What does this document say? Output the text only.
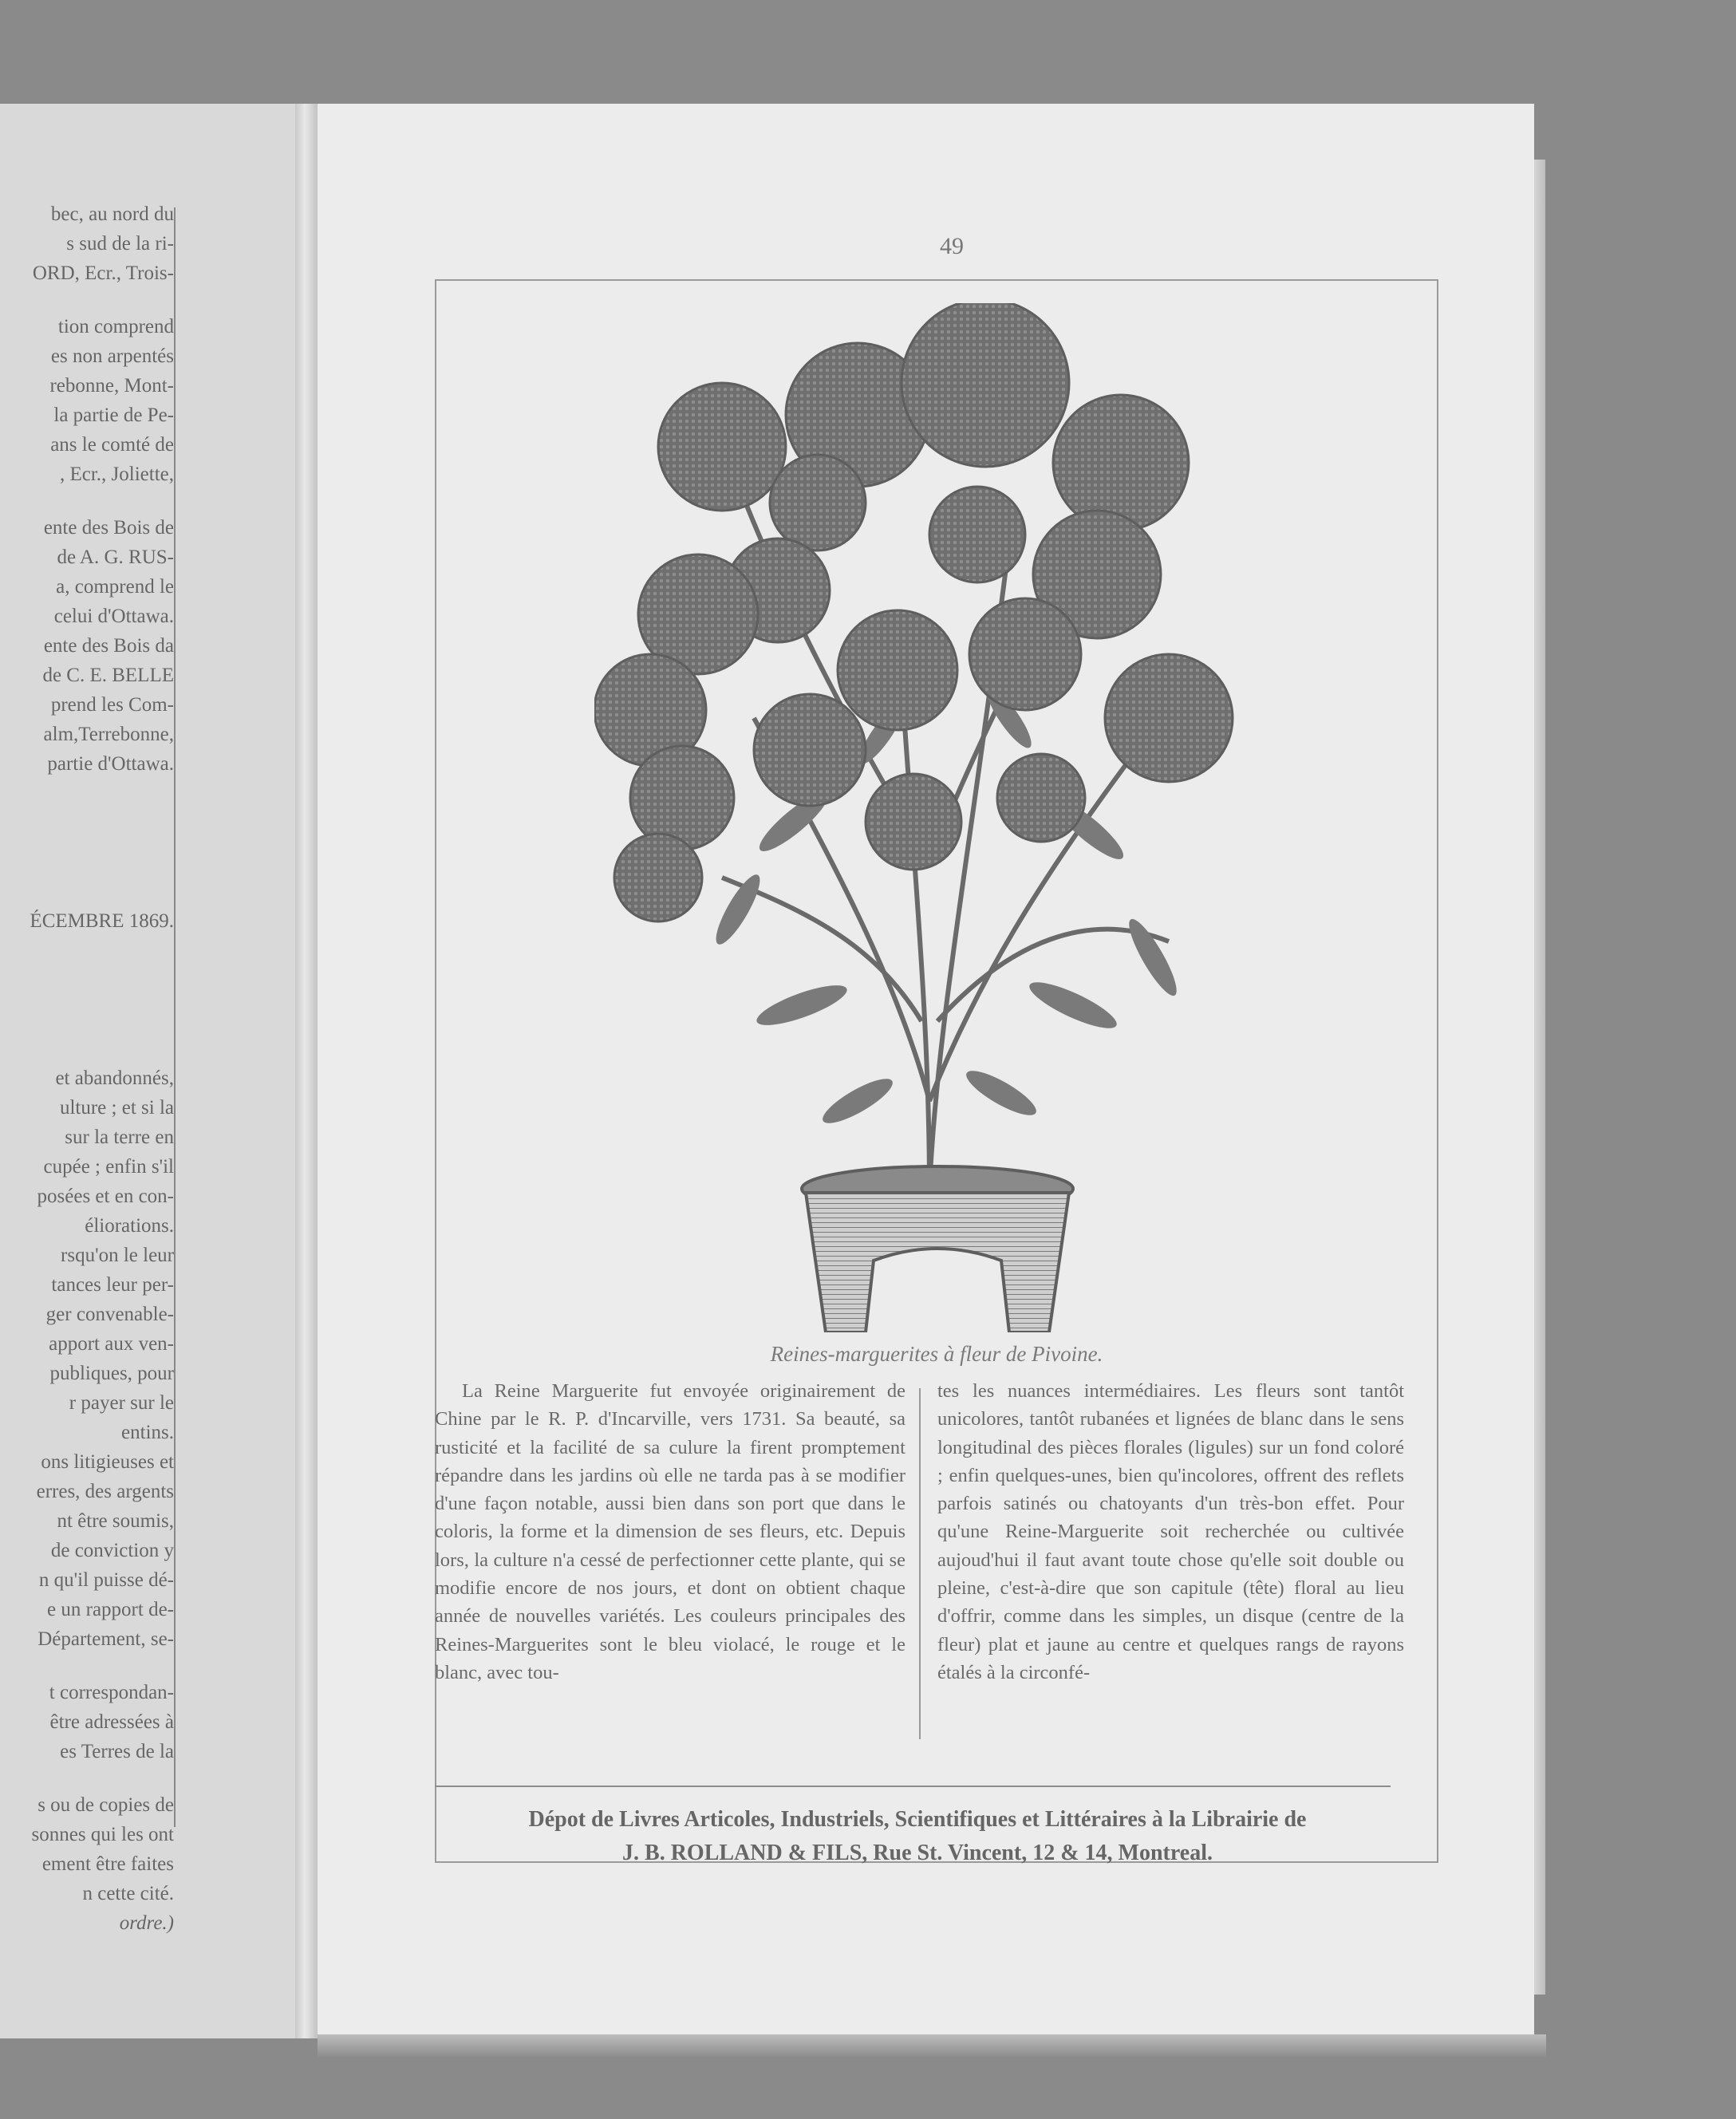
bec, au nord du

s sud de la ri-

ORD, Ecr., Trois-

tion comprend

es non arpentés

rebonne, Mont-

la partie de Pe-

ans le comté de

, Ecr., Joliette,

ente des Bois de

de A. G. RUS-

a, comprend le

celui d'Ottawa.

ente des Bois da

de C. E. BELLE

prend les Com-

alm,Terrebonne,

partie d'Ottawa.

ÉCEMBRE 1869.

et abandonnés,

ulture ; et si la

sur la terre en

cupée ; enfin s'il

posées et en con-

éliorations.

rsqu'on le leur

tances leur per-

ger convenable-

apport aux ven-

publiques, pour

r payer sur le

entins.

ons litigieuses et

erres, des argents

nt être soumis,

de conviction y

n qu'il puisse dé-

e un rapport de-

Département, se-

t correspondan-

être adressées à

es Terres de la

s ou de copies de

sonnes qui les ont

ement être faites

n cette cité.

ordre.)

49
Reines-marguerites à fleur de Pivoine.

La Reine Marguerite fut envoyée originairement de Chine par le R. P. d'Incarville, vers 1731. Sa beauté, sa rusticité et la facilité de sa culure la firent promptement répandre dans les jardins où elle ne tarda pas à se modifier d'une façon notable, aussi bien dans son port que dans le coloris, la forme et la dimension de ses fleurs, etc. Depuis lors, la culture n'a cessé de perfectionner cette plante, qui se modifie encore de nos jours, et dont on obtient chaque année de nouvelles variétés. Les couleurs principales des Reines-Marguerites sont le bleu violacé, le rouge et le blanc, avec tou-

tes les nuances intermédiaires. Les fleurs sont tantôt unicolores, tantôt rubanées et lignées de blanc dans le sens longitudinal des pièces florales (ligules) sur un fond coloré ; enfin quelques-unes, bien qu'incolores, offrent des reflets parfois satinés ou chatoyants d'un très-bon effet. Pour qu'une Reine-Marguerite soit recherchée ou cultivée aujoud'hui il faut avant toute chose qu'elle soit double ou pleine, c'est-à-dire que son capitule (tête) floral au lieu d'offrir, comme dans les simples, un disque (centre de la fleur) plat et jaune au centre et quelques rangs de rayons étalés à la circonfé-

Dépot de Livres Articoles, Industriels, Scientifiques et Littéraires à la Librairie de
J. B. ROLLAND & FILS, Rue St. Vincent, 12 & 14, Montreal.
